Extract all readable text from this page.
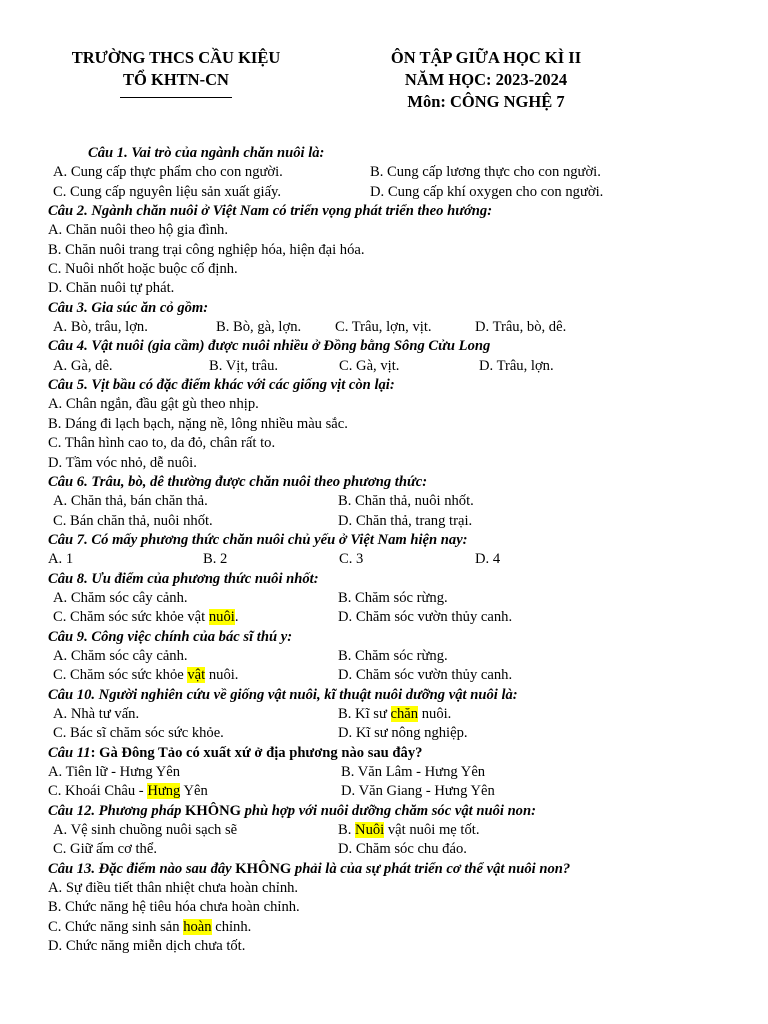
TRƯỜNG THCS CẦU KIỆU
TỔ KHTN-CN
ÔN TẬP GIỮA HỌC KÌ II
NĂM HỌC: 2023-2024
Môn: CÔNG NGHỆ 7
Câu 1. Vai trò của ngành chăn nuôi là:
A. Cung cấp thực phẩm cho con người.	B. Cung cấp lương thực cho con người.
C. Cung cấp nguyên liệu sản xuất giấy.	D. Cung cấp khí oxygen cho con người.
Câu 2. Ngành chăn nuôi ở Việt Nam có triển vọng phát triển theo hướng:
A. Chăn nuôi theo hộ gia đình.
B. Chăn nuôi trang trại công nghiệp hóa, hiện đại hóa.
C. Nuôi nhốt hoặc buộc cố định.
D. Chăn nuôi tự phát.
Câu 3. Gia súc ăn cỏ gồm:
A. Bò, trâu, lợn.	B. Bò, gà, lợn. C. Trâu, lợn, vịt.	D. Trâu, bò, dê.
Câu 4. Vật nuôi (gia cầm) được nuôi nhiều ở Đồng bằng Sông Cửu Long
A. Gà, dê.	B. Vịt, trâu.	C. Gà, vịt.	D. Trâu, lợn.
Câu 5. Vịt bầu có đặc điểm khác với các giống vịt còn lại:
A. Chân ngắn, đầu gật gù theo nhịp.
B. Dáng đi lạch bạch, nặng nề, lông nhiều màu sắc.
C. Thân hình cao to, da đỏ, chân rất to.
D. Tầm vóc nhỏ, dễ nuôi.
Câu 6. Trâu, bò, dê thường được chăn nuôi theo phương thức:
A. Chăn thả, bán chăn thả.	B. Chăn thả, nuôi nhốt.
C. Bán chăn thả, nuôi nhốt.	D. Chăn thả, trang trại.
Câu 7. Có mấy phương thức chăn nuôi chủ yếu ở Việt Nam hiện nay:
A. 1	B. 2	C. 3	D. 4
Câu 8. Ưu điểm của phương thức nuôi nhốt:
A. Chăm sóc cây cảnh.	B. Chăm sóc rừng.
C. Chăm sóc sức khỏe vật nuôi.	D. Chăm sóc vườn thủy canh.
Câu 9. Công việc chính của bác sĩ thú y:
A. Chăm sóc cây cảnh.	B. Chăm sóc rừng.
C. Chăm sóc sức khỏe vật nuôi.	D. Chăm sóc vườn thủy canh.
Câu 10. Người nghiên cứu về giống vật nuôi, kĩ thuật nuôi dưỡng vật nuôi là:
A. Nhà tư vấn.	B. Kĩ sư chăn nuôi.
C. Bác sĩ chăm sóc sức khỏe.	D. Kĩ sư nông nghiệp.
Câu 11: Gà Đông Tảo có xuất xứ ở địa phương nào sau đây?
A. Tiên lữ - Hưng Yên	B. Văn Lâm - Hưng Yên
C. Khoái Châu - Hưng Yên	D. Văn Giang - Hưng Yên
Câu 12. Phương pháp KHÔNG phù hợp với nuôi dưỡng chăm sóc vật nuôi non:
A. Vệ sinh chuồng nuôi sạch sẽ	B. Nuôi vật nuôi mẹ tốt.
C. Giữ ấm cơ thể.	D. Chăm sóc chu đáo.
Câu 13. Đặc điểm nào sau đây KHÔNG phải là của sự phát triển cơ thể vật nuôi non?
A. Sự điều tiết thân nhiệt chưa hoàn chỉnh.
B. Chức năng hệ tiêu hóa chưa hoàn chỉnh.
C. Chức năng sinh sản hoàn chỉnh.
D. Chức năng miễn dịch chưa tốt.
